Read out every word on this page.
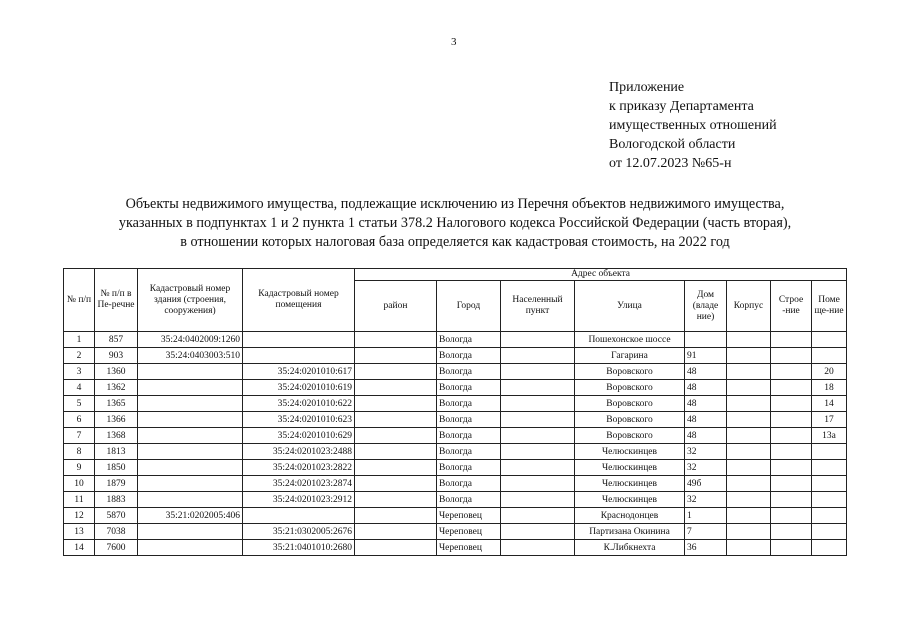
3
Приложение
к приказу Департамента
имущественных отношений
Вологодской области
от 12.07.2023 №65-н
Объекты недвижимого имущества, подлежащие исключению из Перечня объектов недвижимого имущества,
указанных в подпунктах 1 и 2 пункта 1 статьи 378.2 Налогового кодекса Российской Федерации (часть вторая),
в отношении которых налоговая база определяется как кадастровая стоимость, на 2022 год
№ п/п	№ п/п в Пе-речне	Кадастровый номер здания (строения, сооружения)	Кадастровый номер помещения	Адрес объекта							
				район	Город	Населенный пункт	Улица	Дом (владе ние)	Корпус	Строе -ние	Поме ще-ние
1	857	35:24:0402009:1260			Вологда		Пошехонское шоссе				
2	903	35:24:0403003:510			Вологда		Гагарина	91			
3	1360		35:24:0201010:617		Вологда		Воровского	48			20
4	1362		35:24:0201010:619		Вологда		Воровского	48			18
5	1365		35:24:0201010:622		Вологда		Воровского	48			14
6	1366		35:24:0201010:623		Вологда		Воровского	48			17
7	1368		35:24:0201010:629		Вологда		Воровского	48			13а
8	1813		35:24:0201023:2488		Вологда		Челюскинцев	32			
9	1850		35:24:0201023:2822		Вологда		Челюскинцев	32			
10	1879		35:24:0201023:2874		Вологда		Челюскинцев	49б			
11	1883		35:24:0201023:2912		Вологда		Челюскинцев	32			
12	5870	35:21:0202005:406			Череповец		Краснодонцев	1			
13	7038		35:21:0302005:2676		Череповец		Партизана Окинина	7			
14	7600		35:21:0401010:2680		Череповец		К.Либкнехта	36			
